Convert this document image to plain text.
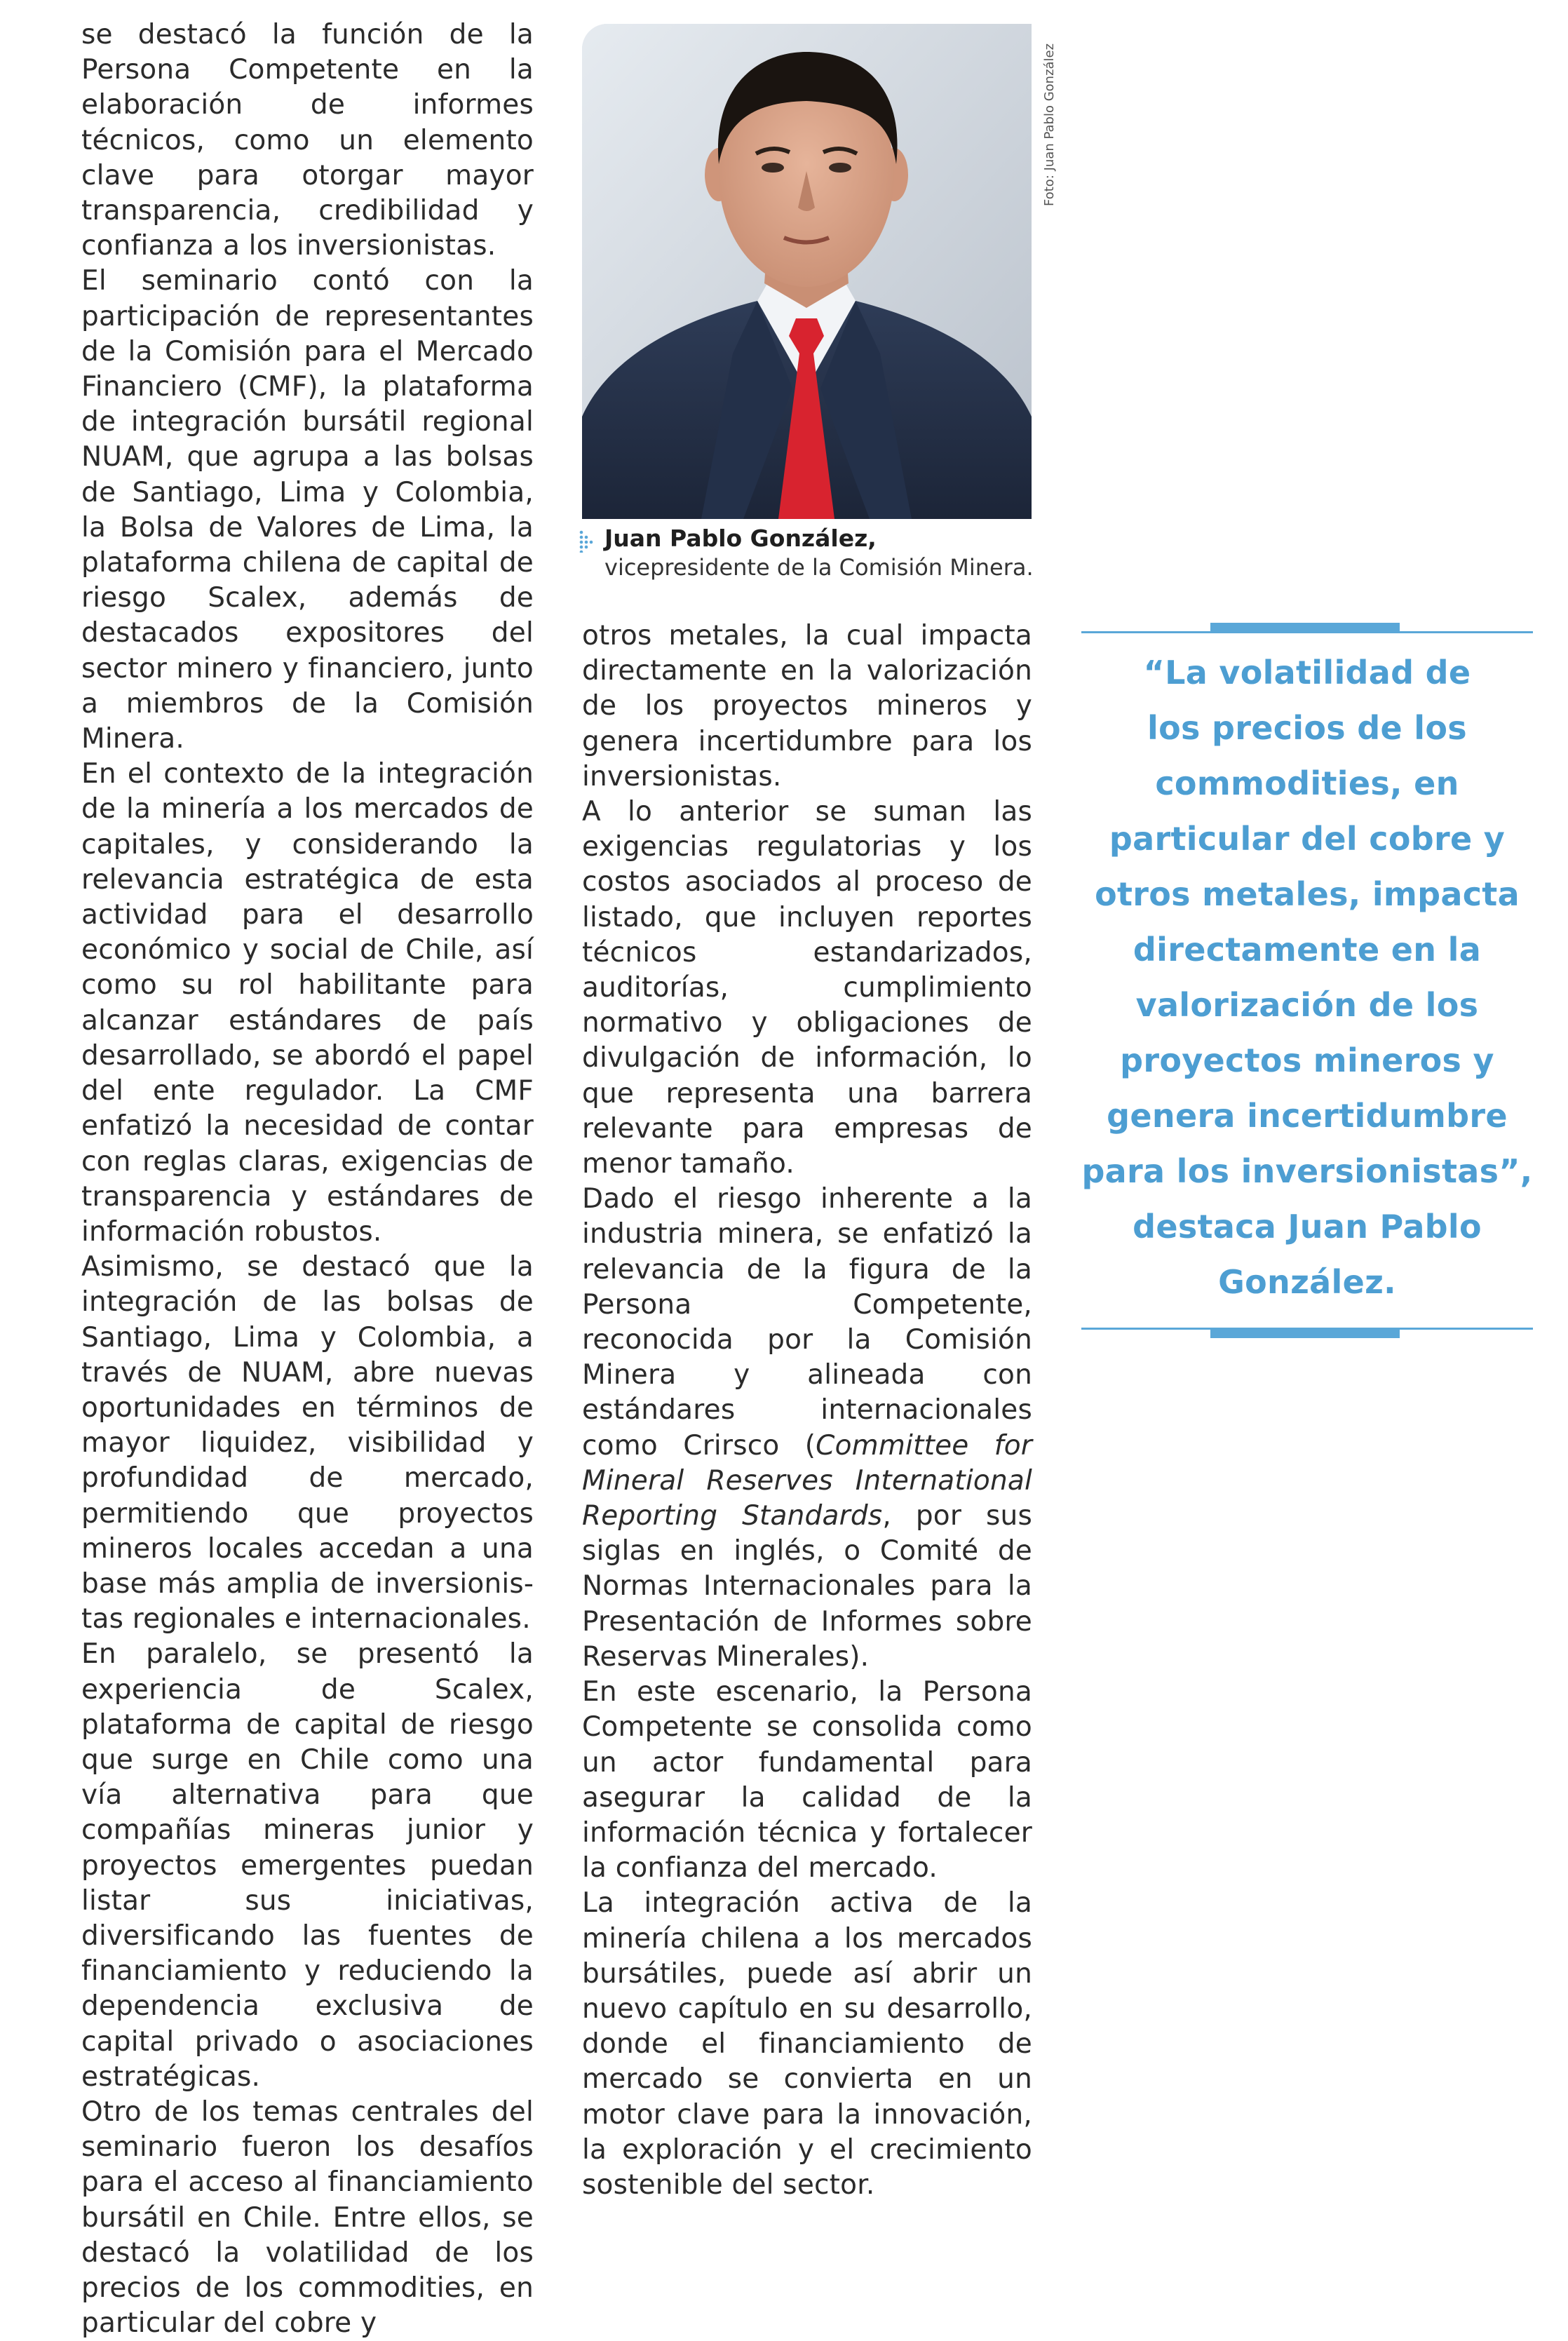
se destacó la función de la Persona Competente en la elaboración de informes técnicos, como un elemento clave para otorgar mayor transparencia, credibilidad y confianza a los inversionistas.

El seminario contó con la participación de representantes de la Comisión para el Mercado Financiero (CMF), la plataforma de integración bursátil regional NUAM, que agrupa a las bolsas de Santiago, Lima y Colombia, la Bolsa de Valores de Lima, la plataforma chilena de capital de riesgo Scalex, además de destacados expositores del sector minero y financiero, junto a miembros de la Comisión Minera.

En el contexto de la integración de la minería a los mercados de capitales, y considerando la relevancia estratégica de esta actividad para el desarrollo económico y social de Chile, así como su rol habilitante para alcanzar estándares de país desarrollado, se abordó el papel del ente regulador. La CMF enfatizó la necesidad de contar con reglas claras, exigencias de transparencia y estándares de información robustos.

Asimismo, se destacó que la integración de las bolsas de Santiago, Lima y Colombia, a través de NUAM, abre nuevas oportunidades en términos de mayor liquidez, visibilidad y profundidad de mercado, permitiendo que proyectos mineros locales accedan a una base más amplia de inversionistas regionales e internacionales.

En paralelo, se presentó la experiencia de Scalex, plataforma de capital de riesgo que surge en Chile como una vía alternativa para que compañías mineras junior y proyectos emergentes puedan listar sus iniciativas, diversificando las fuentes de financiamiento y reduciendo la dependencia exclusiva de capital privado o asociaciones estratégicas.

Otro de los temas centrales del seminario fueron los desafíos para el acceso al financiamiento bursátil en Chile. Entre ellos, se destacó la volatilidad de los precios de los commodities, en particular del cobre y

Foto: Juan Pablo González
Juan Pablo González,
vicepresidente de la Comisión Minera.

otros metales, la cual impacta directamente en la valorización de los proyectos mineros y genera incertidumbre para los inversionistas.

A lo anterior se suman las exigencias regulatorias y los costos asociados al proceso de listado, que incluyen reportes técnicos estandarizados, auditorías, cumplimiento normativo y obligaciones de divulgación de información, lo que representa una barrera relevante para empresas de menor tamaño.

Dado el riesgo inherente a la industria minera, se enfatizó la relevancia de la figura de la Persona Competente, reconocida por la Comisión Minera y alineada con estándares internacionales como Crirsco (Committee for Mineral Reserves International Reporting Standards, por sus siglas en inglés, o Comité de Normas Internacionales para la Presentación de Informes sobre Reservas Minerales).

En este escenario, la Persona Competente se consolida como un actor fundamental para asegurar la calidad de la información técnica y fortalecer la confianza del mercado.

La integración activa de la minería chilena a los mercados bursátiles, puede así abrir un nuevo capítulo en su desarrollo, donde el financiamiento de mercado se convierta en un motor clave para la innovación, la exploración y el crecimiento sostenible del sector.

“La volatilidad de
los precios de los
commodities, en
particular del cobre y
otros metales, impacta
directamente en la
valorización de los
proyectos mineros y
genera incertidumbre
para los inversionistas”,
destaca Juan Pablo
González.
